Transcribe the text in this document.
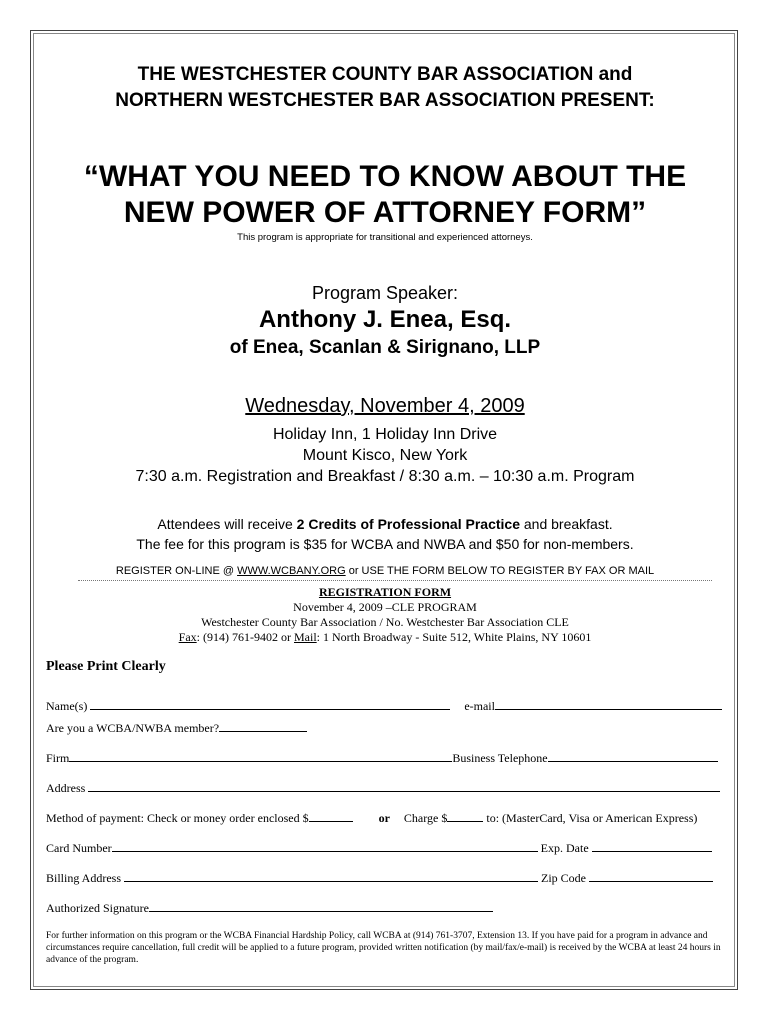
THE WESTCHESTER COUNTY BAR ASSOCIATION and
NORTHERN WESTCHESTER BAR ASSOCIATION PRESENT:
“WHAT YOU NEED TO KNOW ABOUT THE
NEW POWER OF ATTORNEY FORM”
This program is appropriate for transitional and experienced attorneys.
Program Speaker:
Anthony J. Enea, Esq.
of Enea, Scanlan & Sirignano, LLP
Wednesday, November 4, 2009
Holiday Inn, 1 Holiday Inn Drive
Mount Kisco, New York
7:30 a.m. Registration and Breakfast / 8:30 a.m. – 10:30 a.m. Program
Attendees will receive 2 Credits of Professional Practice and breakfast.
The fee for this program is $35 for WCBA and NWBA and $50 for non-members.
REGISTER ON-LINE @ WWW.WCBANY.ORG or USE THE FORM BELOW TO REGISTER BY FAX OR MAIL
REGISTRATION FORM
November 4, 2009 –CLE PROGRAM
Westchester County Bar Association / No. Westchester Bar Association CLE
Fax: (914) 761-9402 or Mail: 1 North Broadway - Suite 512, White Plains, NY 10601
Please Print Clearly
Name(s)	e-mail
Are you a WCBA/NWBA member?
Firm	Business Telephone
Address
Method of payment: Check or money order enclosed $	or Charge $	to: (MasterCard, Visa or American Express)
Card Number	Exp. Date
Billing Address	Zip Code
Authorized Signature
For further information on this program or the WCBA Financial Hardship Policy, call WCBA at (914) 761-3707, Extension 13. If you have paid for a program in advance and circumstances require cancellation, full credit will be applied to a future program, provided written notification (by mail/fax/e-mail) is received by the WCBA at least 24 hours in advance of the program.
